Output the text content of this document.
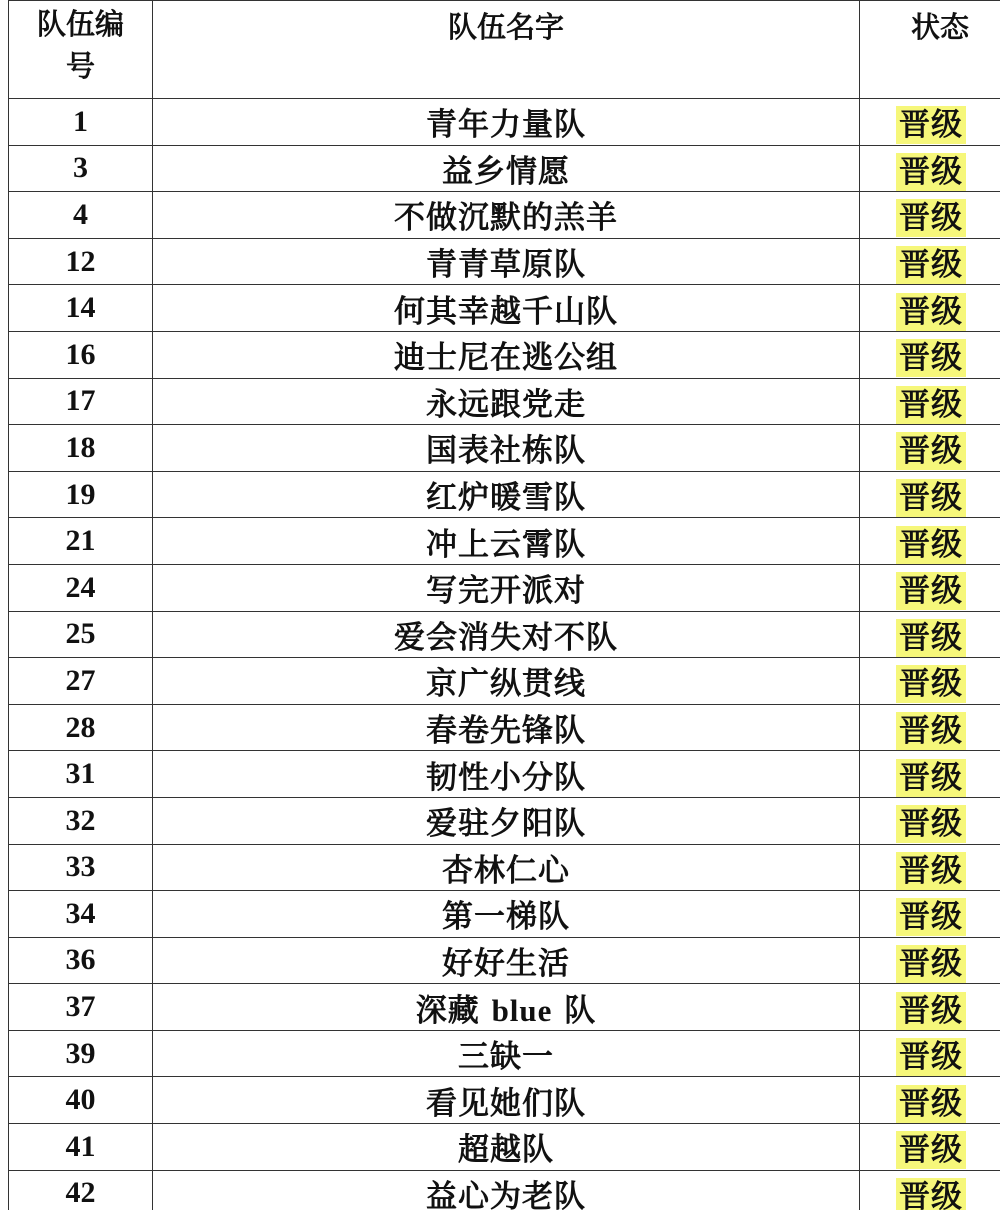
队伍编号	队伍名字	状态
1	青年力量队	晋级
3	益乡情愿	晋级
4	不做沉默的羔羊	晋级
12	青青草原队	晋级
14	何其幸越千山队	晋级
16	迪士尼在逃公组	晋级
17	永远跟党走	晋级
18	国表社栋队	晋级
19	红炉暖雪队	晋级
21	冲上云霄队	晋级
24	写完开派对	晋级
25	爱会消失对不队	晋级
27	京广纵贯线	晋级
28	春卷先锋队	晋级
31	韧性小分队	晋级
32	爱驻夕阳队	晋级
33	杏林仁心	晋级
34	第一梯队	晋级
36	好好生活	晋级
37	深藏 blue 队	晋级
39	三缺一	晋级
40	看见她们队	晋级
41	超越队	晋级
42	益心为老队	晋级
